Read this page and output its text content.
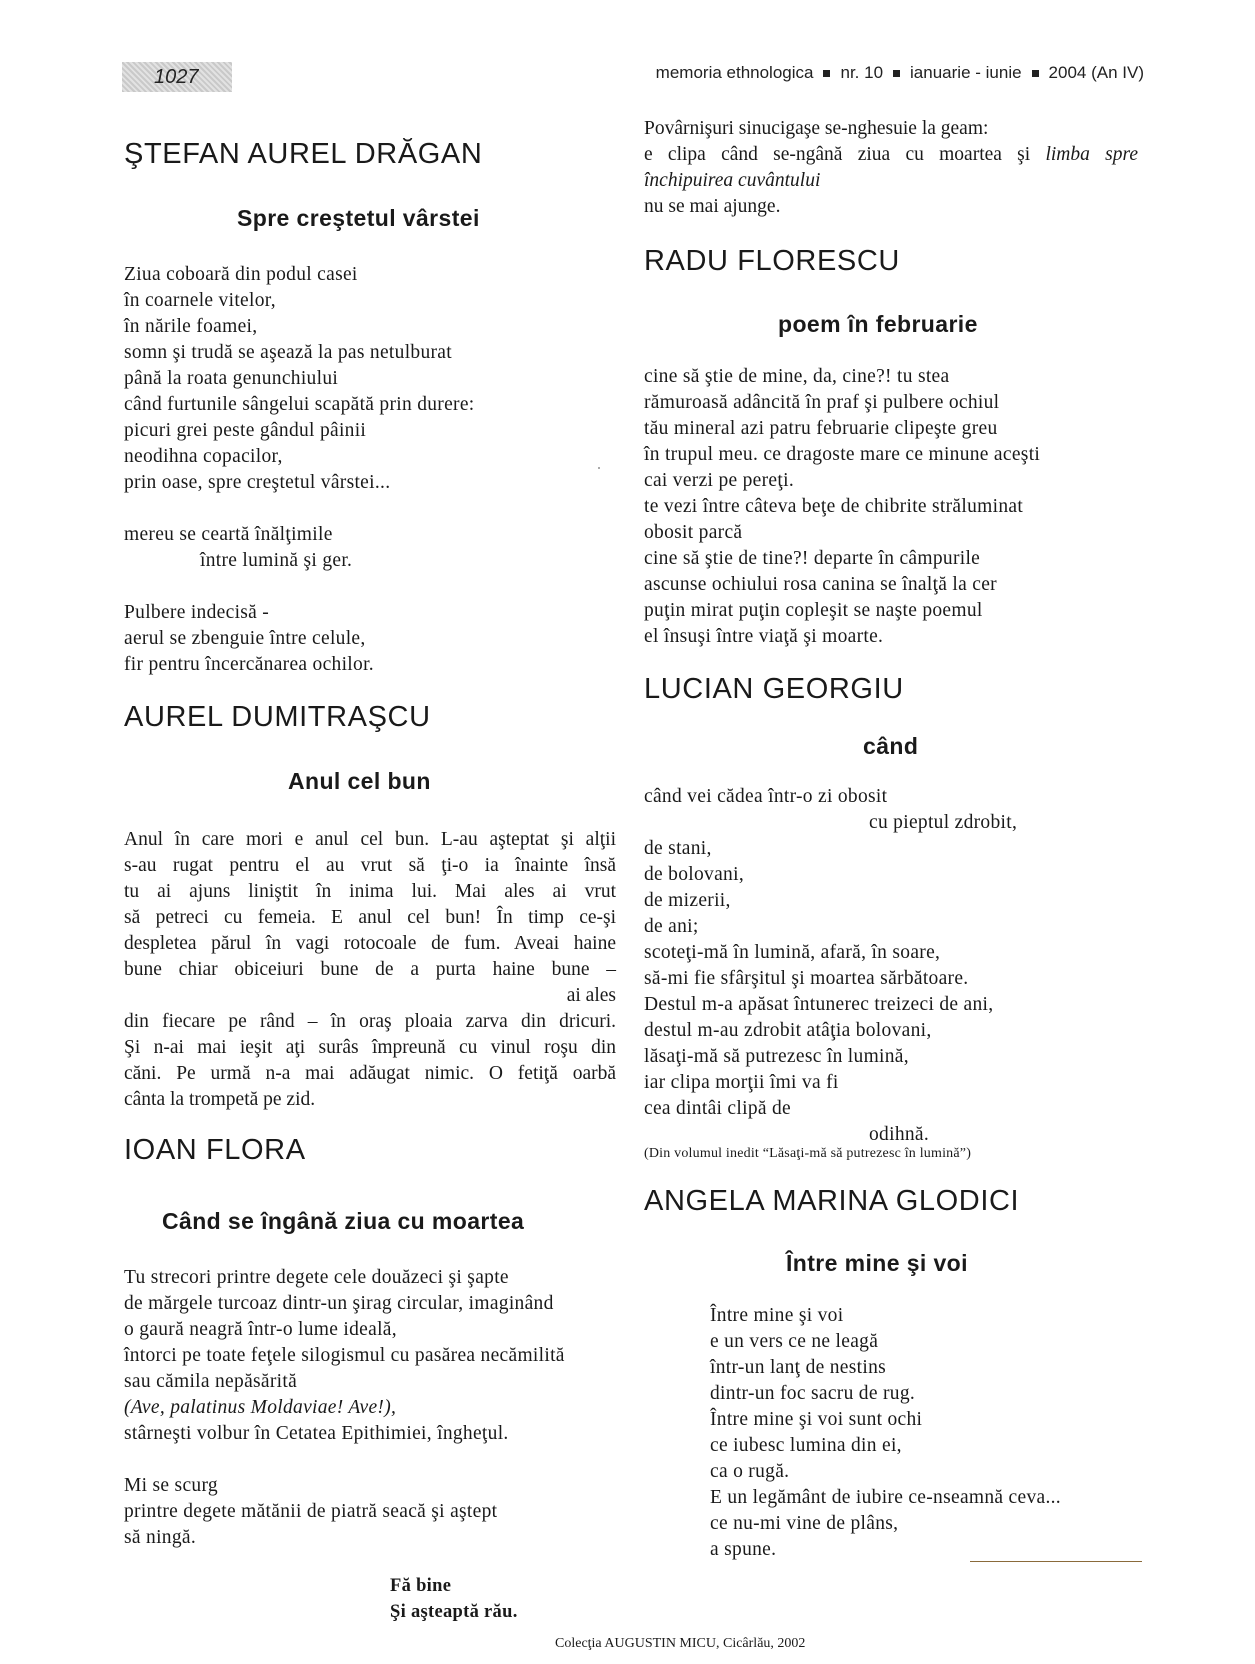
1027	memoria ethnologica nr. 10 ianuarie - iunie 2004 (An IV)
ŞTEFAN AUREL DRĂGAN
Spre creştetul vârstei
Ziua coboară din podul casei
în coarnele vitelor,
în nările foamei,
somn şi trudă se aşează la pas netulburat
până la roata genunchiului
când furtunile sângelui scapătă prin durere:
picuri grei peste gândul pâinii
neodihna copacilor,
prin oase, spre creştetul vârstei...
mereu se ceartă înălţimile
între lumină şi ger.
Pulbere indecisă -
aerul se zbenguie între celule,
fir pentru încercănarea ochilor.
AUREL DUMITRAŞCU
Anul cel bun
Anul în care mori e anul cel bun. L-au aşteptat şi alţii
s-au rugat pentru el au vrut să ţi-o ia înainte însă
tu ai ajuns liniştit în inima lui. Mai ales ai vrut
să petreci cu femeia. E anul cel bun! În timp ce-şi
despletea părul în vagi rotocoale de fum. Aveai haine
bune chiar obiceiuri bune de a purta haine bune –
ai ales
din fiecare pe rând – în oraş ploaia zarva din dricuri.
Şi n-ai mai ieşit aţi surâs împreună cu vinul roşu din
căni. Pe urmă n-a mai adăugat nimic. O fetiţă oarbă
cânta la trompetă pe zid.
IOAN FLORA
Când se îngână ziua cu moartea
Tu strecori printre degete cele douăzeci şi şapte
de mărgele turcoaz dintr-un şirag circular, imaginând
o gaură neagră într-o lume ideală,
întorci pe toate feţele silogismul cu pasărea necămilită
sau cămila nepăsărită
(Ave, palatinus Moldaviae! Ave!),
stârneşti volbur în Cetatea Epithimiei, îngheţul.
Mi se scurg
printre degete mătănii de piatră seacă şi aştept
să ningă.
Fă bine
Şi aşteaptă rău.
Povârnişuri sinucigaşe se-nghesuie la geam:
e clipa când se-ngână ziua cu moartea şi limba spre
închipuirea cuvântului
nu se mai ajunge.
RADU FLORESCU
poem în februarie
cine să ştie de mine, da, cine?! tu stea
rămuroasă adâncită în praf şi pulbere ochiul
tău mineral azi patru februarie clipeşte greu
în trupul meu. ce dragoste mare ce minune aceşti
cai verzi pe pereţi.
te vezi între câteva beţe de chibrite străluminat
obosit parcă
cine să ştie de tine?! departe în câmpurile
ascunse ochiului rosa canina se înalţă la cer
puţin mirat puţin copleşit se naşte poemul
el însuşi între viaţă şi moarte.
LUCIAN GEORGIU
când
când vei cădea într-o zi obosit
cu pieptul zdrobit,
de stani,
de bolovani,
de mizerii,
de ani;
scoteţi-mă în lumină, afară, în soare,
să-mi fie sfârşitul şi moartea sărbătoare.
Destul m-a apăsat întunerec treizeci de ani,
destul m-au zdrobit atâţia bolovani,
lăsaţi-mă să putrezesc în lumină,
iar clipa morţii îmi va fi
cea dintâi clipă de
odihnă.
(Din volumul inedit “Lăsaţi-mă să putrezesc în lumină”)
ANGELA MARINA GLODICI
Între mine şi voi
Între mine şi voi
e un vers ce ne leagă
într-un lanţ de nestins
dintr-un foc sacru de rug.
Între mine şi voi sunt ochi
ce iubesc lumina din ei,
ca o rugă.
E un legământ de iubire ce-nseamnă ceva...
ce nu-mi vine de plâns,
a spune.
Colecţia AUGUSTIN MICU, Cicârlău, 2002
